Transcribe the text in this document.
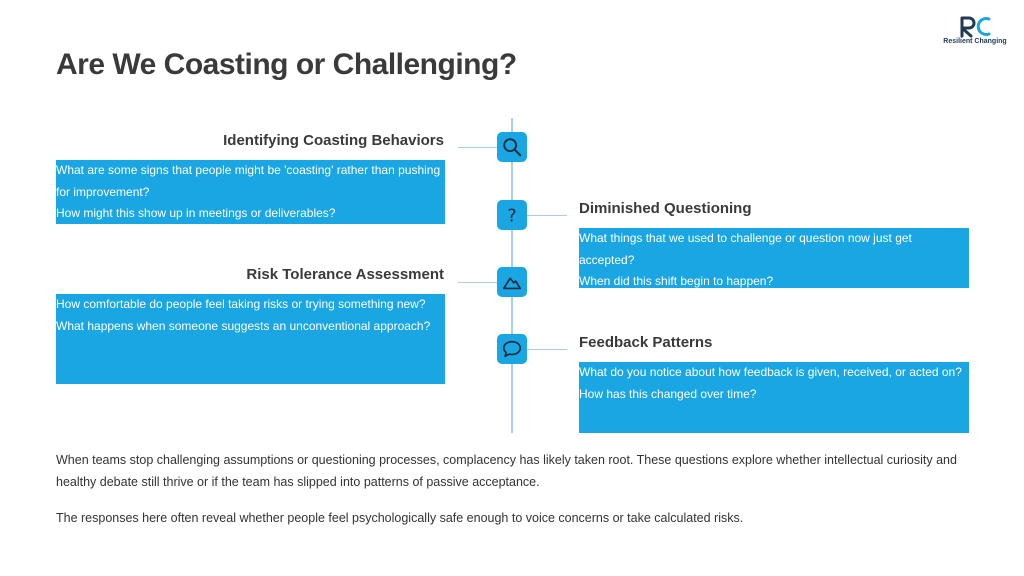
Are We Coasting or Challenging?
Resilient Changing
Identifying Coasting Behaviors
What are some signs that people might be 'coasting' rather than pushing for improvement?
How might this show up in meetings or deliverables?	?	Diminished Questioning
What things that we used to challenge or question now just get accepted?
When did this shift begin to happen?
Risk Tolerance Assessment
How comfortable do people feel taking risks or trying something new?
What happens when someone suggests an unconventional approach?
Feedback Patterns
What do you notice about how feedback is given, received, or acted on?
How has this changed over time?
When teams stop challenging assumptions or questioning processes, complacency has likely taken root. These questions explore whether intellectual curiosity and healthy debate still thrive or if the team has slipped into patterns of passive acceptance.
The responses here often reveal whether people feel psychologically safe enough to voice concerns or take calculated risks.
